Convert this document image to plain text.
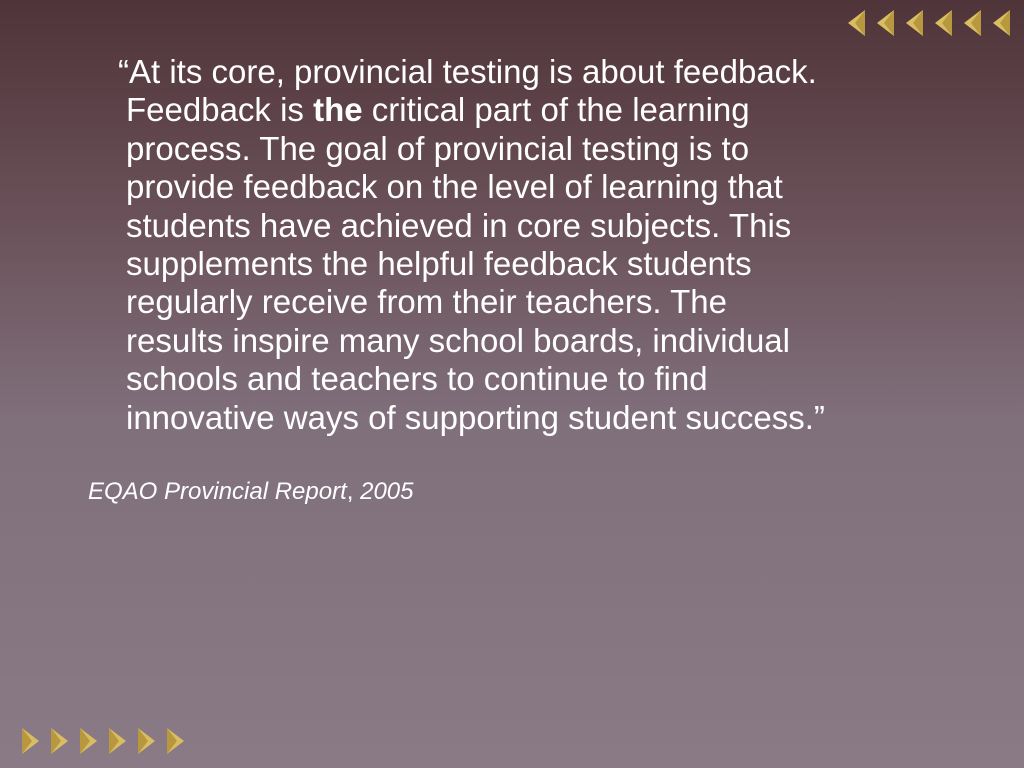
“At its core, provincial testing is about feedback.
Feedback is the critical part of the learning
process. The goal of provincial testing is to
provide feedback on the level of learning that
students have achieved in core subjects. This
supplements the helpful feedback students
regularly receive from their teachers. The
results inspire many school boards, individual
schools and teachers to continue to find
innovative ways of supporting student success.”
EQAO Provincial Report, 2005
